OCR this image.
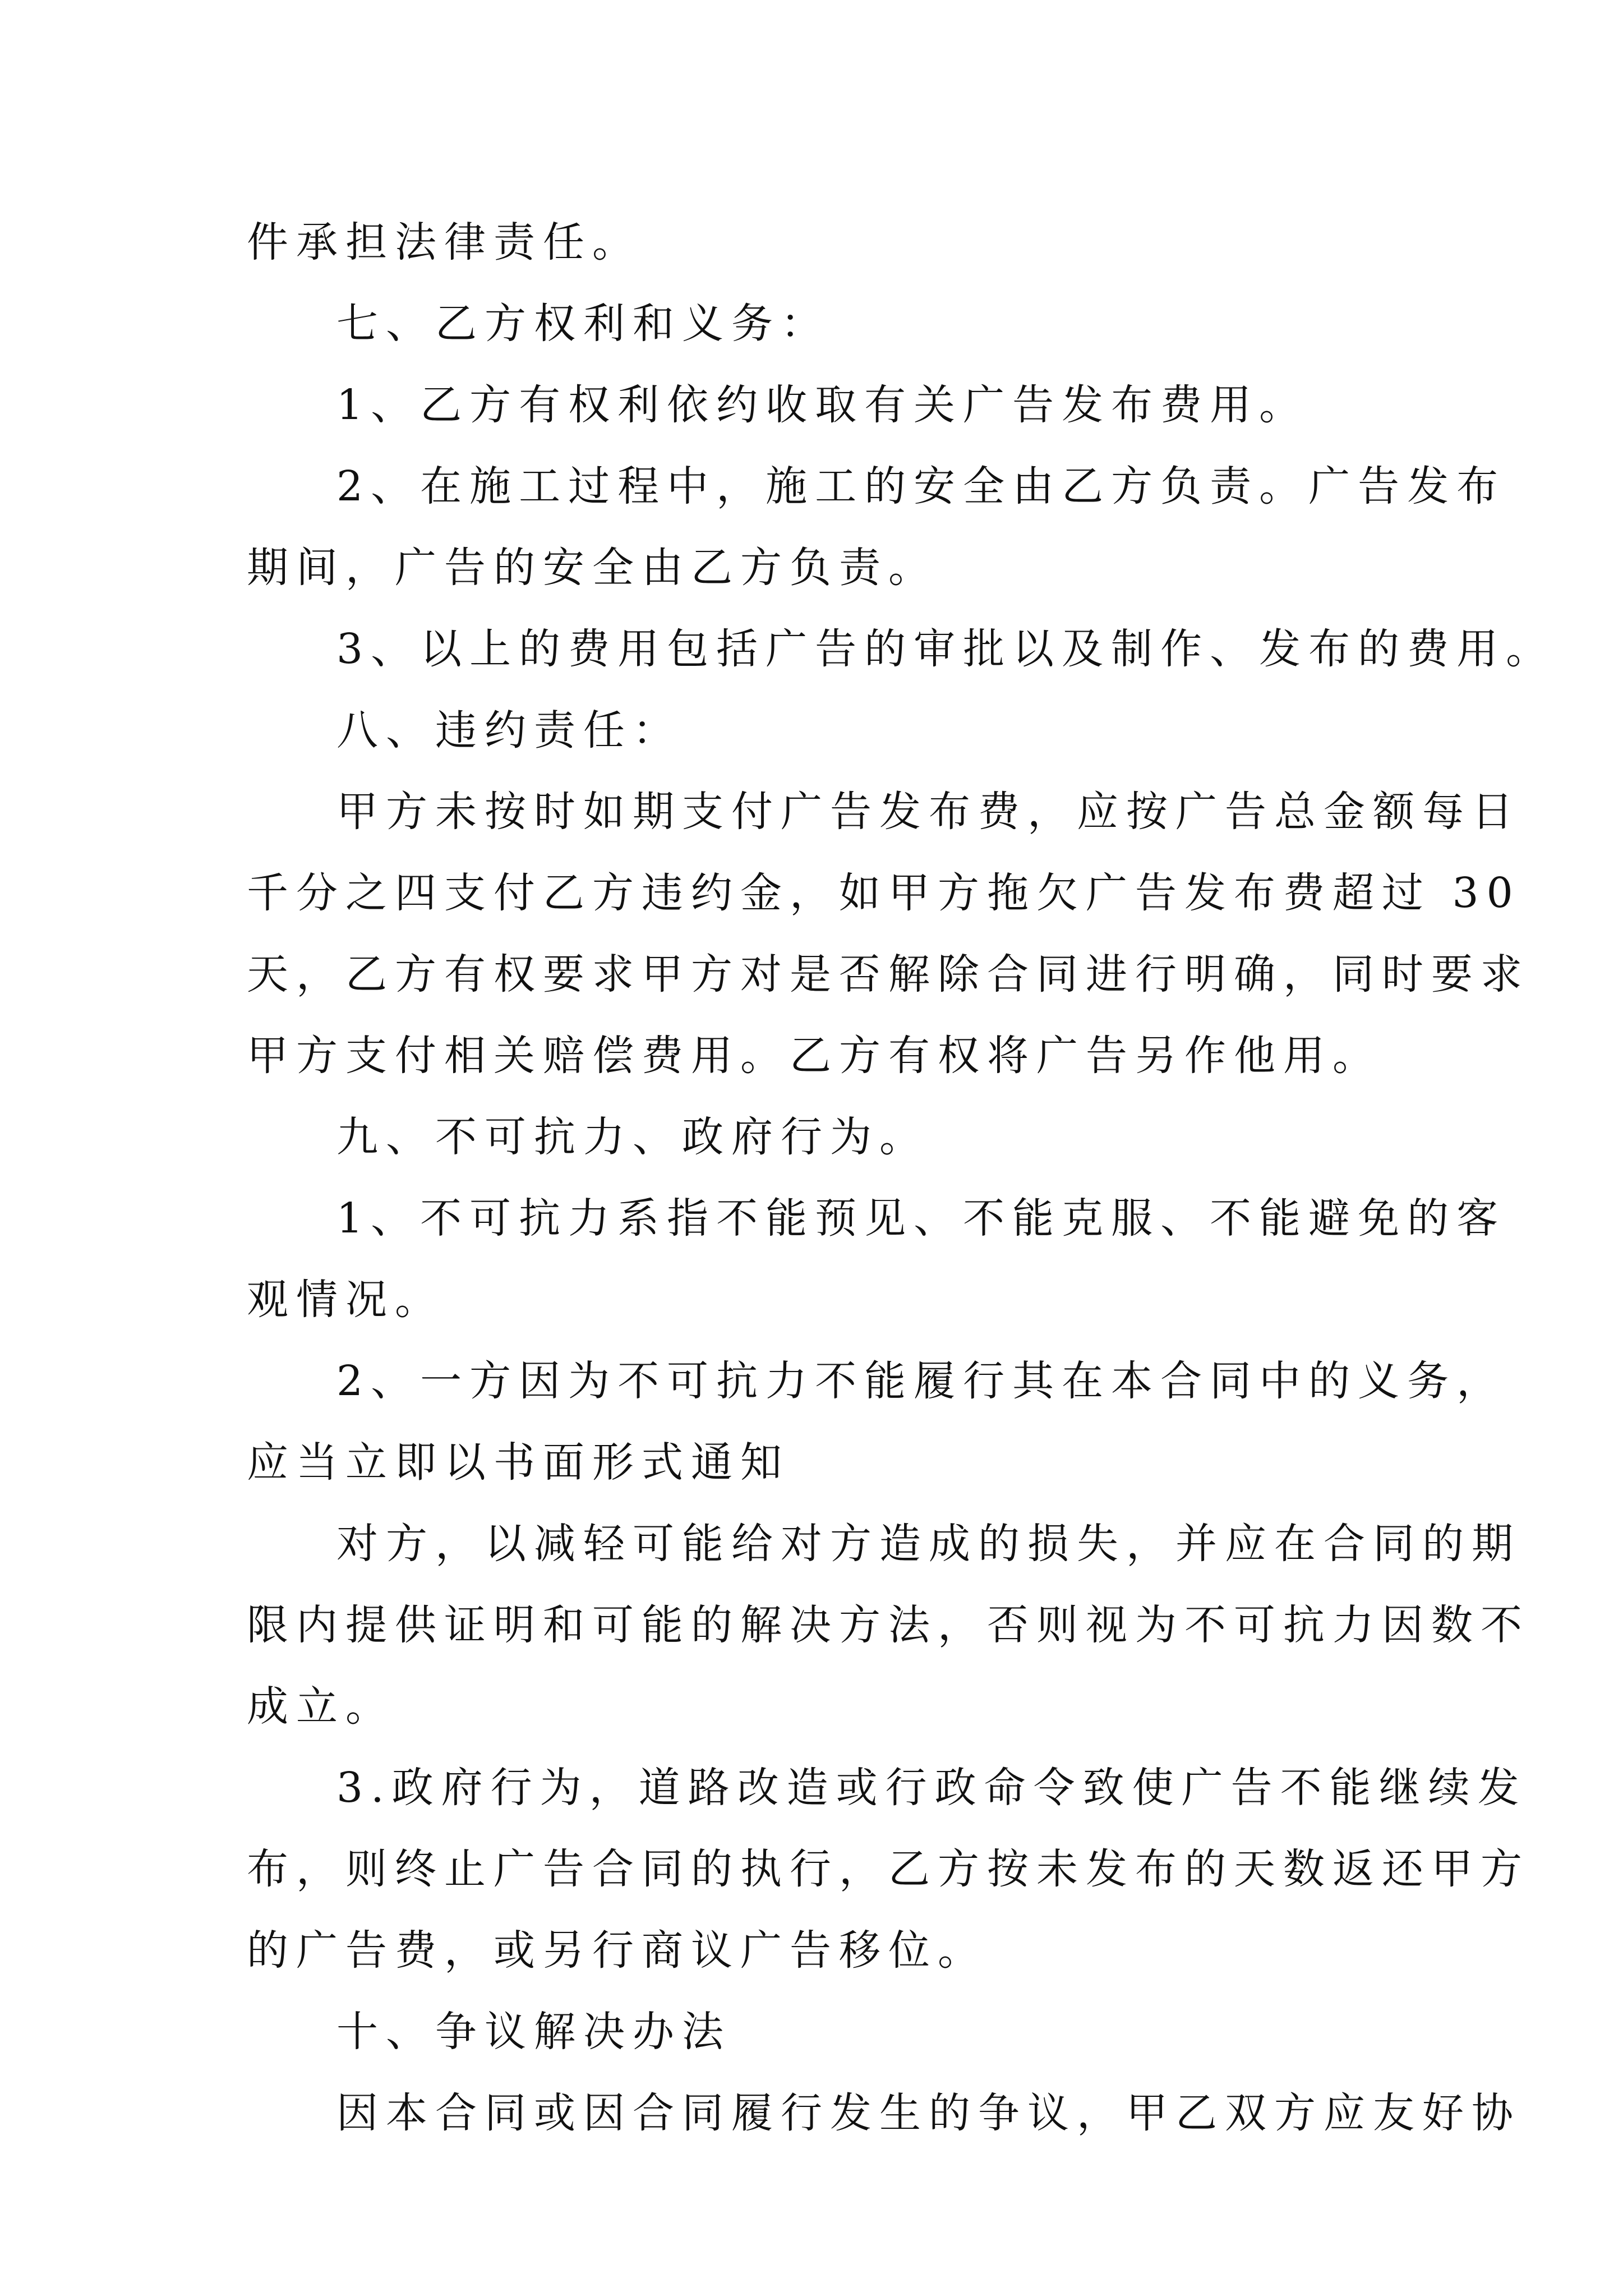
件承担法律责任。
七、乙方权利和义务：
1、乙方有权利依约收取有关广告发布费用。
2、在施工过程中，施工的安全由乙方负责。广告发布
期间，广告的安全由乙方负责。
3、以上的费用包括广告的审批以及制作、发布的费用。
八、违约责任：
甲方未按时如期支付广告发布费，应按广告总金额每日
千分之四支付乙方违约金，如甲方拖欠广告发布费超过 30
天，乙方有权要求甲方对是否解除合同进行明确，同时要求
甲方支付相关赔偿费用。乙方有权将广告另作他用。
九、不可抗力、政府行为。
1、不可抗力系指不能预见、不能克服、不能避免的客
观情况。
2、一方因为不可抗力不能履行其在本合同中的义务，
应当立即以书面形式通知
对方，以减轻可能给对方造成的损失，并应在合同的期
限内提供证明和可能的解决方法，否则视为不可抗力因数不
成立。
3.政府行为，道路改造或行政命令致使广告不能继续发
布，则终止广告合同的执行，乙方按未发布的天数返还甲方
的广告费，或另行商议广告移位。
十、争议解决办法
因本合同或因合同履行发生的争议，甲乙双方应友好协
